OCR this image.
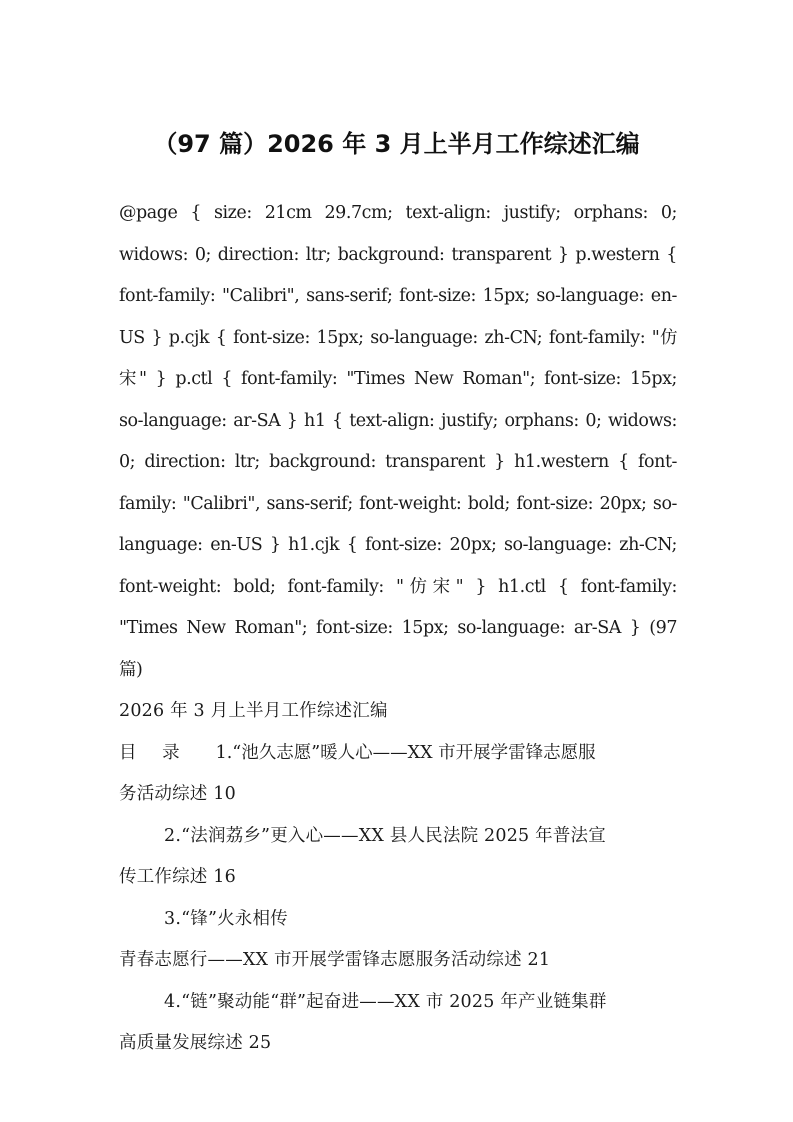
（97 篇）2026 年 3 月上半月工作综述汇编

@page { size: 21cm 29.7cm; text-align: justify; orphans: 0; widows: 0; direction: ltr; background: transparent } p.western { font-family: "Calibri", sans-serif; font-size: 15px; so-language: en-US } p.cjk { font-size: 15px; so-language: zh-CN; font-family: "仿宋" } p.ctl { font-family: "Times New Roman"; font-size: 15px; so-language: ar-SA } h1 { text-align: justify; orphans: 0; widows: 0; direction: ltr; background: transparent } h1.western { font-family: "Calibri", sans-serif; font-weight: bold; font-size: 20px; so-language: en-US } h1.cjk { font-size: 20px; so-language: zh-CN; font-weight: bold; font-family: "仿宋" } h1.ctl { font-family: "Times New Roman"; font-size: 15px; so-language: ar-SA } (97 篇)

2026 年 3 月上半月工作综述汇编

目 录 1.“池久志愿”暖人心——XX 市开展学雷锋志愿服

务活动综述 10

2.“法润荔乡”更入心——XX 县人民法院 2025 年普法宣

传工作综述 16

3.“锋”火永相传

青春志愿行——XX 市开展学雷锋志愿服务活动综述 21

4.“链”聚动能“群”起奋进——XX 市 2025 年产业链集群

高质量发展综述 25
